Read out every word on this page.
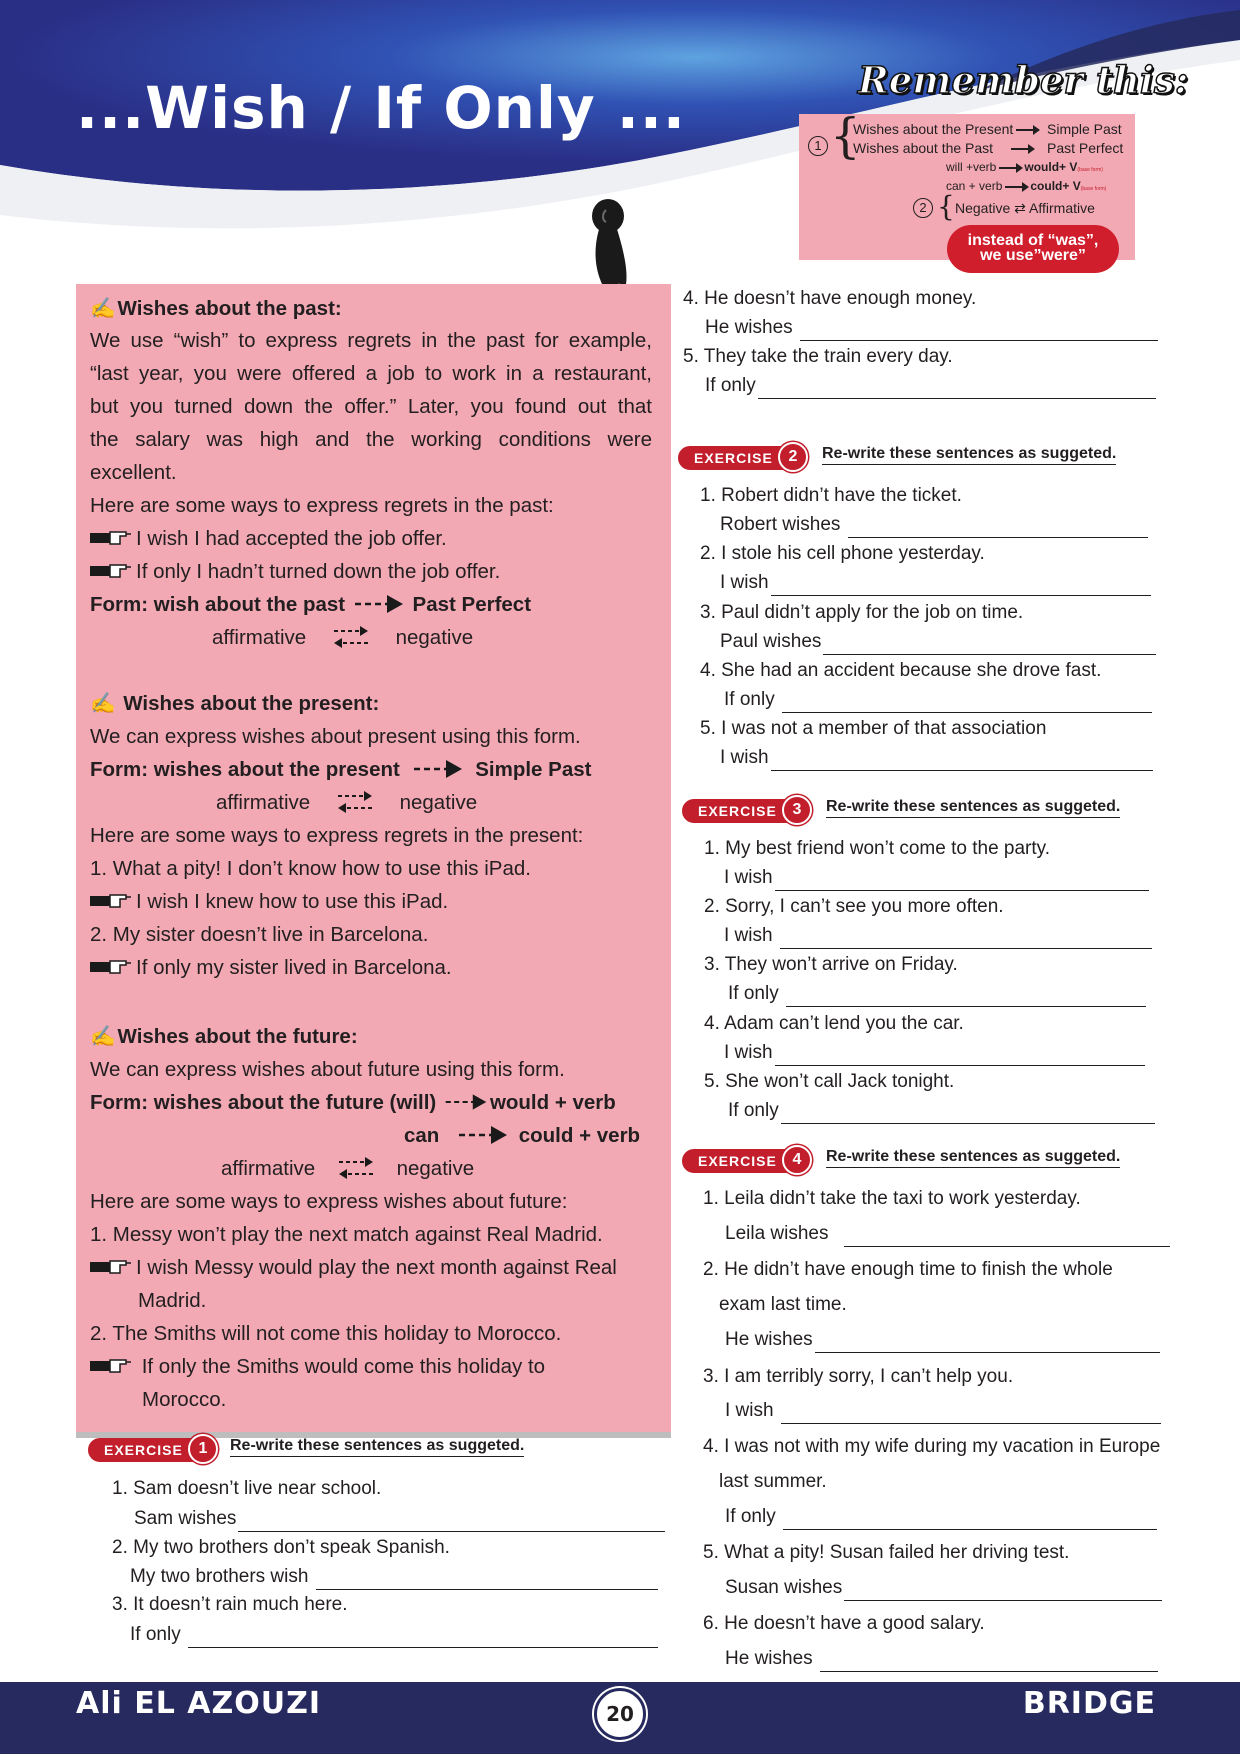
...Wish / If Only ...	Remember this:
1 {
Wishes about the Present	Simple Past
Wishes about the Past	Past Perfect
will +verb would+ V(base form)
can + verb could+ V(base form)
2 { Negative ⇄ Affirmative
instead of “was”,
we use”were”
✍Wishes about the past:
We use “wish” to express regrets in the past for example,
“last year, you were offered a job to work in a restaurant,
but you turned down the offer.” Later, you found out that
the salary was high and the working conditions were
excellent.
Here are some ways to express regrets in the past:
I wish I had accepted the job offer.
If only I hadn’t turned down the job offer.
Form: wish about the past	Past Perfect
affirmative	negative
✍ Wishes about the present:
We can express wishes about present using this form.
Form: wishes about the present	Simple Past
affirmative	negative
Here are some ways to express regrets in the present:
1. What a pity! I don’t know how to use this iPad.
I wish I knew how to use this iPad.
2. My sister doesn’t live in Barcelona.
If only my sister lived in Barcelona.
✍Wishes about the future:
We can express wishes about future using this form.
Form: wishes about the future (will)	would + verb
can	could + verb
affirmative	negative
Here are some ways to express wishes about future:
1. Messy won’t play the next match against Real Madrid.
I wish Messy would play the next month against Real
Madrid.
2. The Smiths will not come this holiday to Morocco.
If only the Smiths would come this holiday to
Morocco.
EXERCISE 1	Re-write these sentences as suggeted.
1. Sam doesn’t live near school.
Sam wishes
2. My two brothers don’t speak Spanish.
My two brothers wish
3. It doesn’t rain much here.
If only
4. He doesn’t have enough money.
He wishes
5. They take the train every day.
If only
EXERCISE 2	Re-write these sentences as suggeted.
1. Robert didn’t have the ticket.
Robert wishes
2. I stole his cell phone yesterday.
I wish
3. Paul didn’t apply for the job on time.
Paul wishes
4. She had an accident because she drove fast.
If only
5. I was not a member of that association
I wish
EXERCISE 3	Re-write these sentences as suggeted.
1. My best friend won’t come to the party.
I wish
2. Sorry, I can’t see you more often.
I wish
3. They won’t arrive on Friday.
If only
4. Adam can’t lend you the car.
I wish
5. She won’t call Jack tonight.
If only
EXERCISE 4	Re-write these sentences as suggeted.
1. Leila didn’t take the taxi to work yesterday.
Leila wishes
2. He didn’t have enough time to finish the whole
exam last time.
He wishes
3. I am terribly sorry, I can’t help you.
I wish
4. I was not with my wife during my vacation in Europe
last summer.
If only
5. What a pity! Susan failed her driving test.
Susan wishes
6. He doesn’t have a good salary.
He wishes
Ali EL AZOUZI	20	BRIDGE
